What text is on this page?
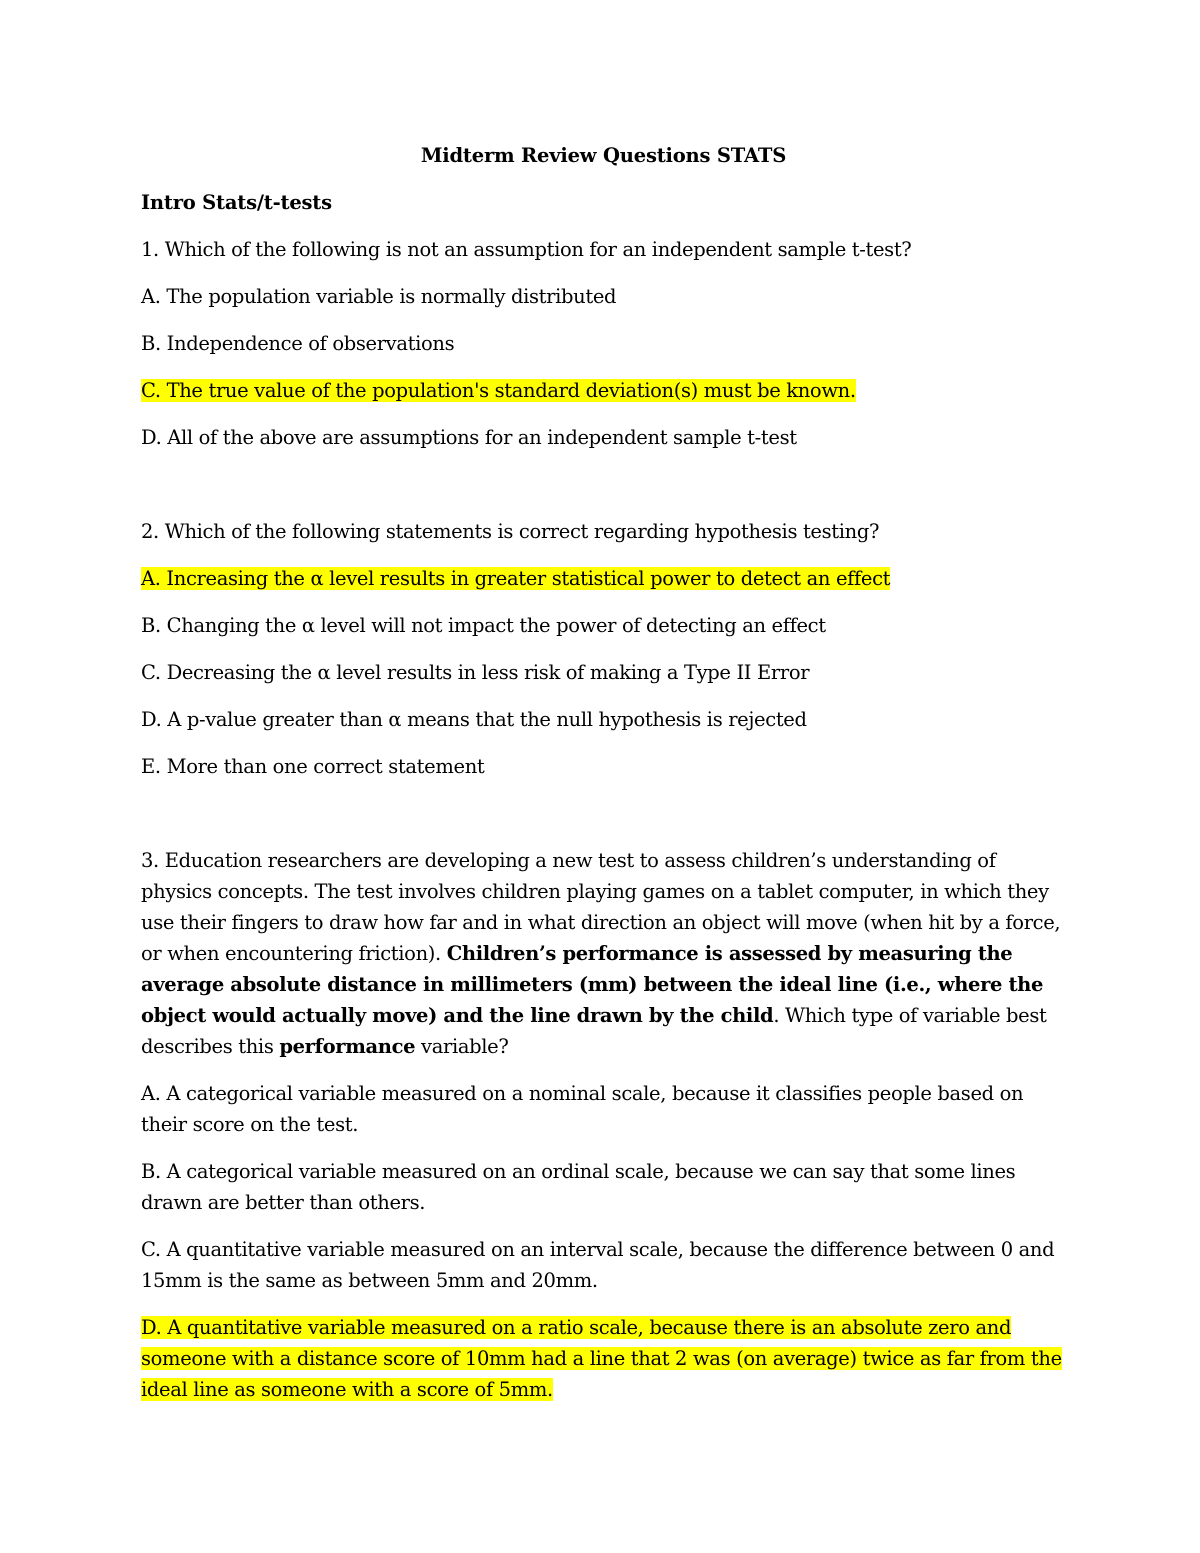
Midterm Review Questions STATS
Intro Stats/t-tests
1. Which of the following is not an assumption for an independent sample t-test?
A. The population variable is normally distributed
B. Independence of observations
C. The true value of the population's standard deviation(s) must be known.
D. All of the above are assumptions for an independent sample t-test
2. Which of the following statements is correct regarding hypothesis testing?
A. Increasing the α level results in greater statistical power to detect an effect
B. Changing the α level will not impact the power of detecting an effect
C. Decreasing the α level results in less risk of making a Type II Error
D. A p-value greater than α means that the null hypothesis is rejected
E. More than one correct statement
3. Education researchers are developing a new test to assess children’s understanding of physics concepts. The test involves children playing games on a tablet computer, in which they use their fingers to draw how far and in what direction an object will move (when hit by a force, or when encountering friction). Children’s performance is assessed by measuring the average absolute distance in millimeters (mm) between the ideal line (i.e., where the object would actually move) and the line drawn by the child. Which type of variable best describes this performance variable?
A. A categorical variable measured on a nominal scale, because it classifies people based on their score on the test.
B. A categorical variable measured on an ordinal scale, because we can say that some lines drawn are better than others.
C. A quantitative variable measured on an interval scale, because the difference between 0 and 15mm is the same as between 5mm and 20mm.
D. A quantitative variable measured on a ratio scale, because there is an absolute zero and someone with a distance score of 10mm had a line that 2 was (on average) twice as far from the ideal line as someone with a score of 5mm.
